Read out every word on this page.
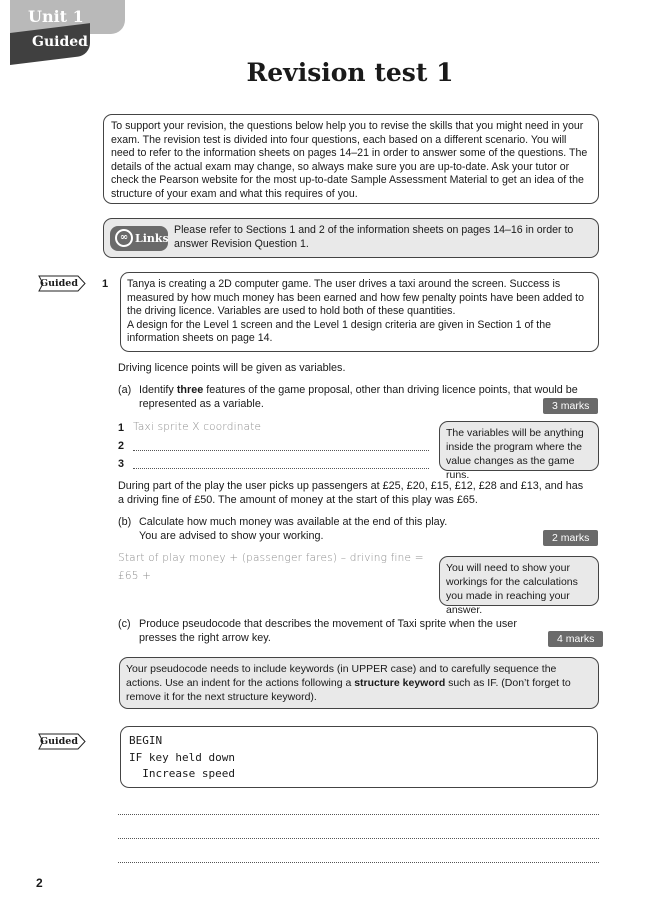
Unit 1
Guided
Revision test 1
To support your revision, the questions below help you to revise the skills that you might need in your exam. The revision test is divided into four questions, each based on a different scenario. You will need to refer to the information sheets on pages 14–21 in order to answer some of the questions. The details of the actual exam may change, so always make sure you are up-to-date. Ask your tutor or check the Pearson website for the most up-to-date Sample Assessment Material to get an idea of the structure of your exam and what this requires of you.
∞ Links
Please refer to Sections 1 and 2 of the information sheets on pages 14–16 in order to answer Revision Question 1.
Guided 1 Tanya is creating a 2D computer game. The user drives a taxi around the screen. Success is measured by how much money has been earned and how few penalty points have been added to the driving licence. Variables are used to hold both of these quantities.
A design for the Level 1 screen and the Level 1 design criteria are given in Section 1 of the information sheets on page 14.
Driving licence points will be given as variables.
(a) Identify three features of the game proposal, other than driving licence points, that would be represented as a variable.	3 marks
1 Taxi sprite X coordinate
2
3
The variables will be anything inside the program where the value changes as the game runs.
During part of the play the user picks up passengers at £25, £20, £15, £12, £28 and £13, and has a driving fine of £50. The amount of money at the start of this play was £65.
(b) Calculate how much money was available at the end of this play.
You are advised to show your working.	2 marks
Start of play money + (passenger fares) – driving fine =
£65 +
You will need to show your workings for the calculations you made in reaching your answer.
(c) Produce pseudocode that describes the movement of Taxi sprite when the user
presses the right arrow key.	4 marks
Your pseudocode needs to include keywords (in UPPER case) and to carefully sequence the actions. Use an indent for the actions following a structure keyword such as IF. (Don’t forget to remove it for the next structure keyword).
Guided	BEGIN
IF key held down
Increase speed
2
